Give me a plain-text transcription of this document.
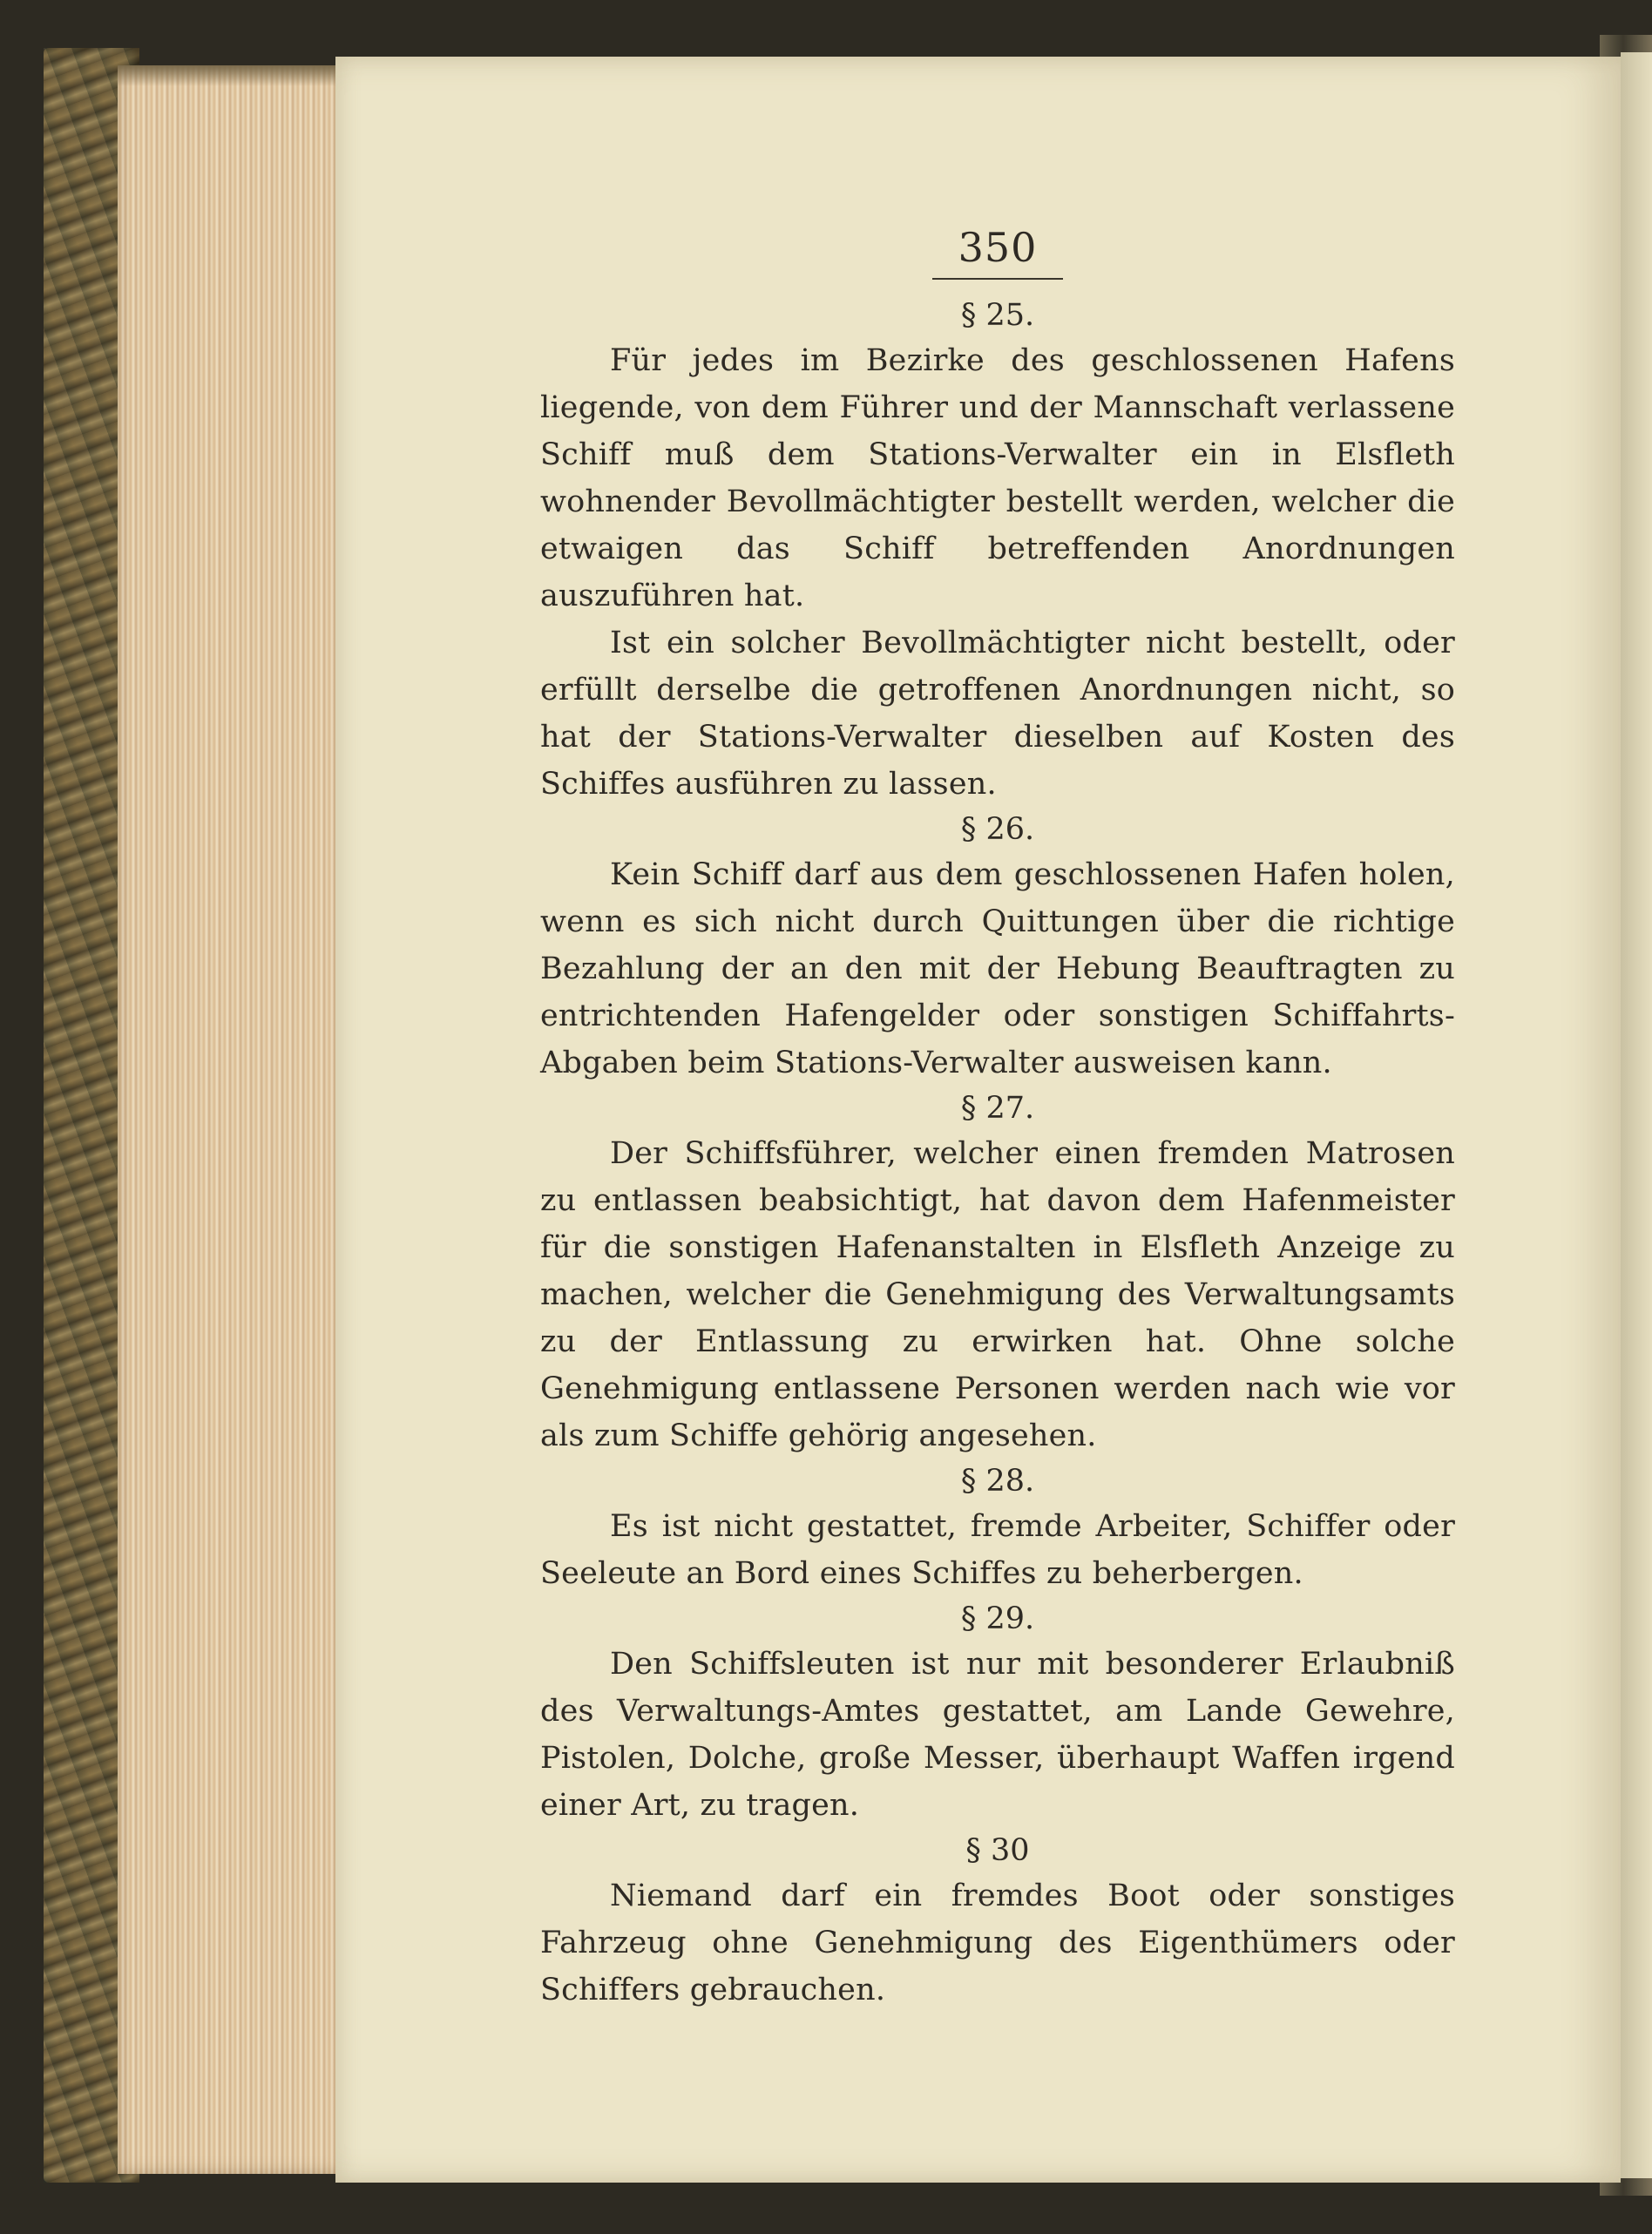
350
§ 25.

Für jedes im Bezirke des geschlossenen Hafens liegende, von dem Führer und der Mannschaft verlassene Schiff muß dem Stations-Verwalter ein in Elsfleth wohnender Bevollmächtigter bestellt werden, welcher die etwaigen das Schiff betreffenden Anordnungen auszuführen hat.

Ist ein solcher Bevollmächtigter nicht bestellt, oder erfüllt derselbe die getroffenen Anordnungen nicht, so hat der Stations-Verwalter dieselben auf Kosten des Schiffes ausführen zu lassen.

§ 26.

Kein Schiff darf aus dem geschlossenen Hafen holen, wenn es sich nicht durch Quittungen über die richtige Bezahlung der an den mit der Hebung Beauftragten zu entrichtenden Hafengelder oder sonstigen Schiffahrts-Abgaben beim Stations-Verwalter ausweisen kann.

§ 27.

Der Schiffsführer, welcher einen fremden Matrosen zu entlassen beabsichtigt, hat davon dem Hafenmeister für die sonstigen Hafenanstalten in Elsfleth Anzeige zu machen, welcher die Genehmigung des Verwaltungsamts zu der Entlassung zu erwirken hat. Ohne solche Genehmigung entlassene Personen werden nach wie vor als zum Schiffe gehörig angesehen.

§ 28.

Es ist nicht gestattet, fremde Arbeiter, Schiffer oder Seeleute an Bord eines Schiffes zu beherbergen.

§ 29.

Den Schiffsleuten ist nur mit besonderer Erlaubniß des Verwaltungs-Amtes gestattet, am Lande Gewehre, Pistolen, Dolche, große Messer, überhaupt Waffen irgend einer Art, zu tragen.

§ 30

Niemand darf ein fremdes Boot oder sonstiges Fahrzeug ohne Genehmigung des Eigenthümers oder Schiffers gebrauchen.
